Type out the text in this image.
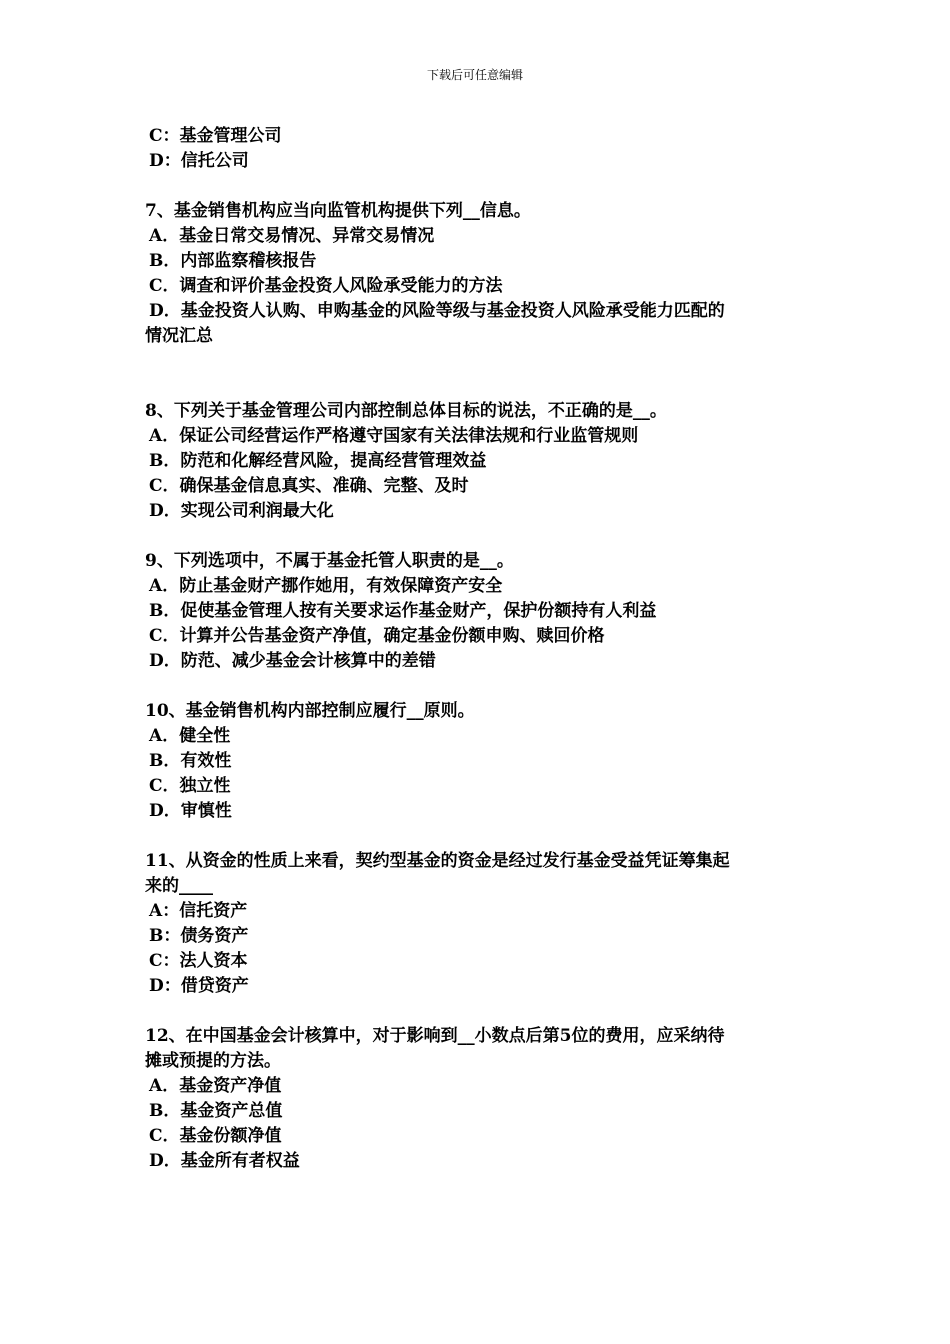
下载后可任意编辑
C：基金管理公司
D：信托公司
7、基金销售机构应当向监管机构提供下列__信息。
A．基金日常交易情况、异常交易情况
B．内部监察稽核报告
C．调查和评价基金投资人风险承受能力的方法
D．基金投资人认购、申购基金的风险等级与基金投资人风险承受能力匹配的
情况汇总
8、下列关于基金管理公司内部控制总体目标的说法，不正确的是__。
A．保证公司经营运作严格遵守国家有关法律法规和行业监管规则
B．防范和化解经营风险，提高经营管理效益
C．确保基金信息真实、准确、完整、及时
D．实现公司利润最大化
9、下列选项中，不属于基金托管人职责的是__。
A．防止基金财产挪作她用，有效保障资产安全
B．促使基金管理人按有关要求运作基金财产，保护份额持有人利益
C．计算并公告基金资产净值，确定基金份额申购、赎回价格
D．防范、减少基金会计核算中的差错
10、基金销售机构内部控制应履行__原则。
A．健全性
B．有效性
C．独立性
D．审慎性
11、从资金的性质上来看，契约型基金的资金是经过发行基金受益凭证筹集起
来的____
A：信托资产
B：债务资产
C：法人资本
D：借贷资产
12、在中国基金会计核算中，对于影响到__小数点后第5位的费用，应采纳待
摊或预提的方法。
A．基金资产净值
B．基金资产总值
C．基金份额净值
D．基金所有者权益
